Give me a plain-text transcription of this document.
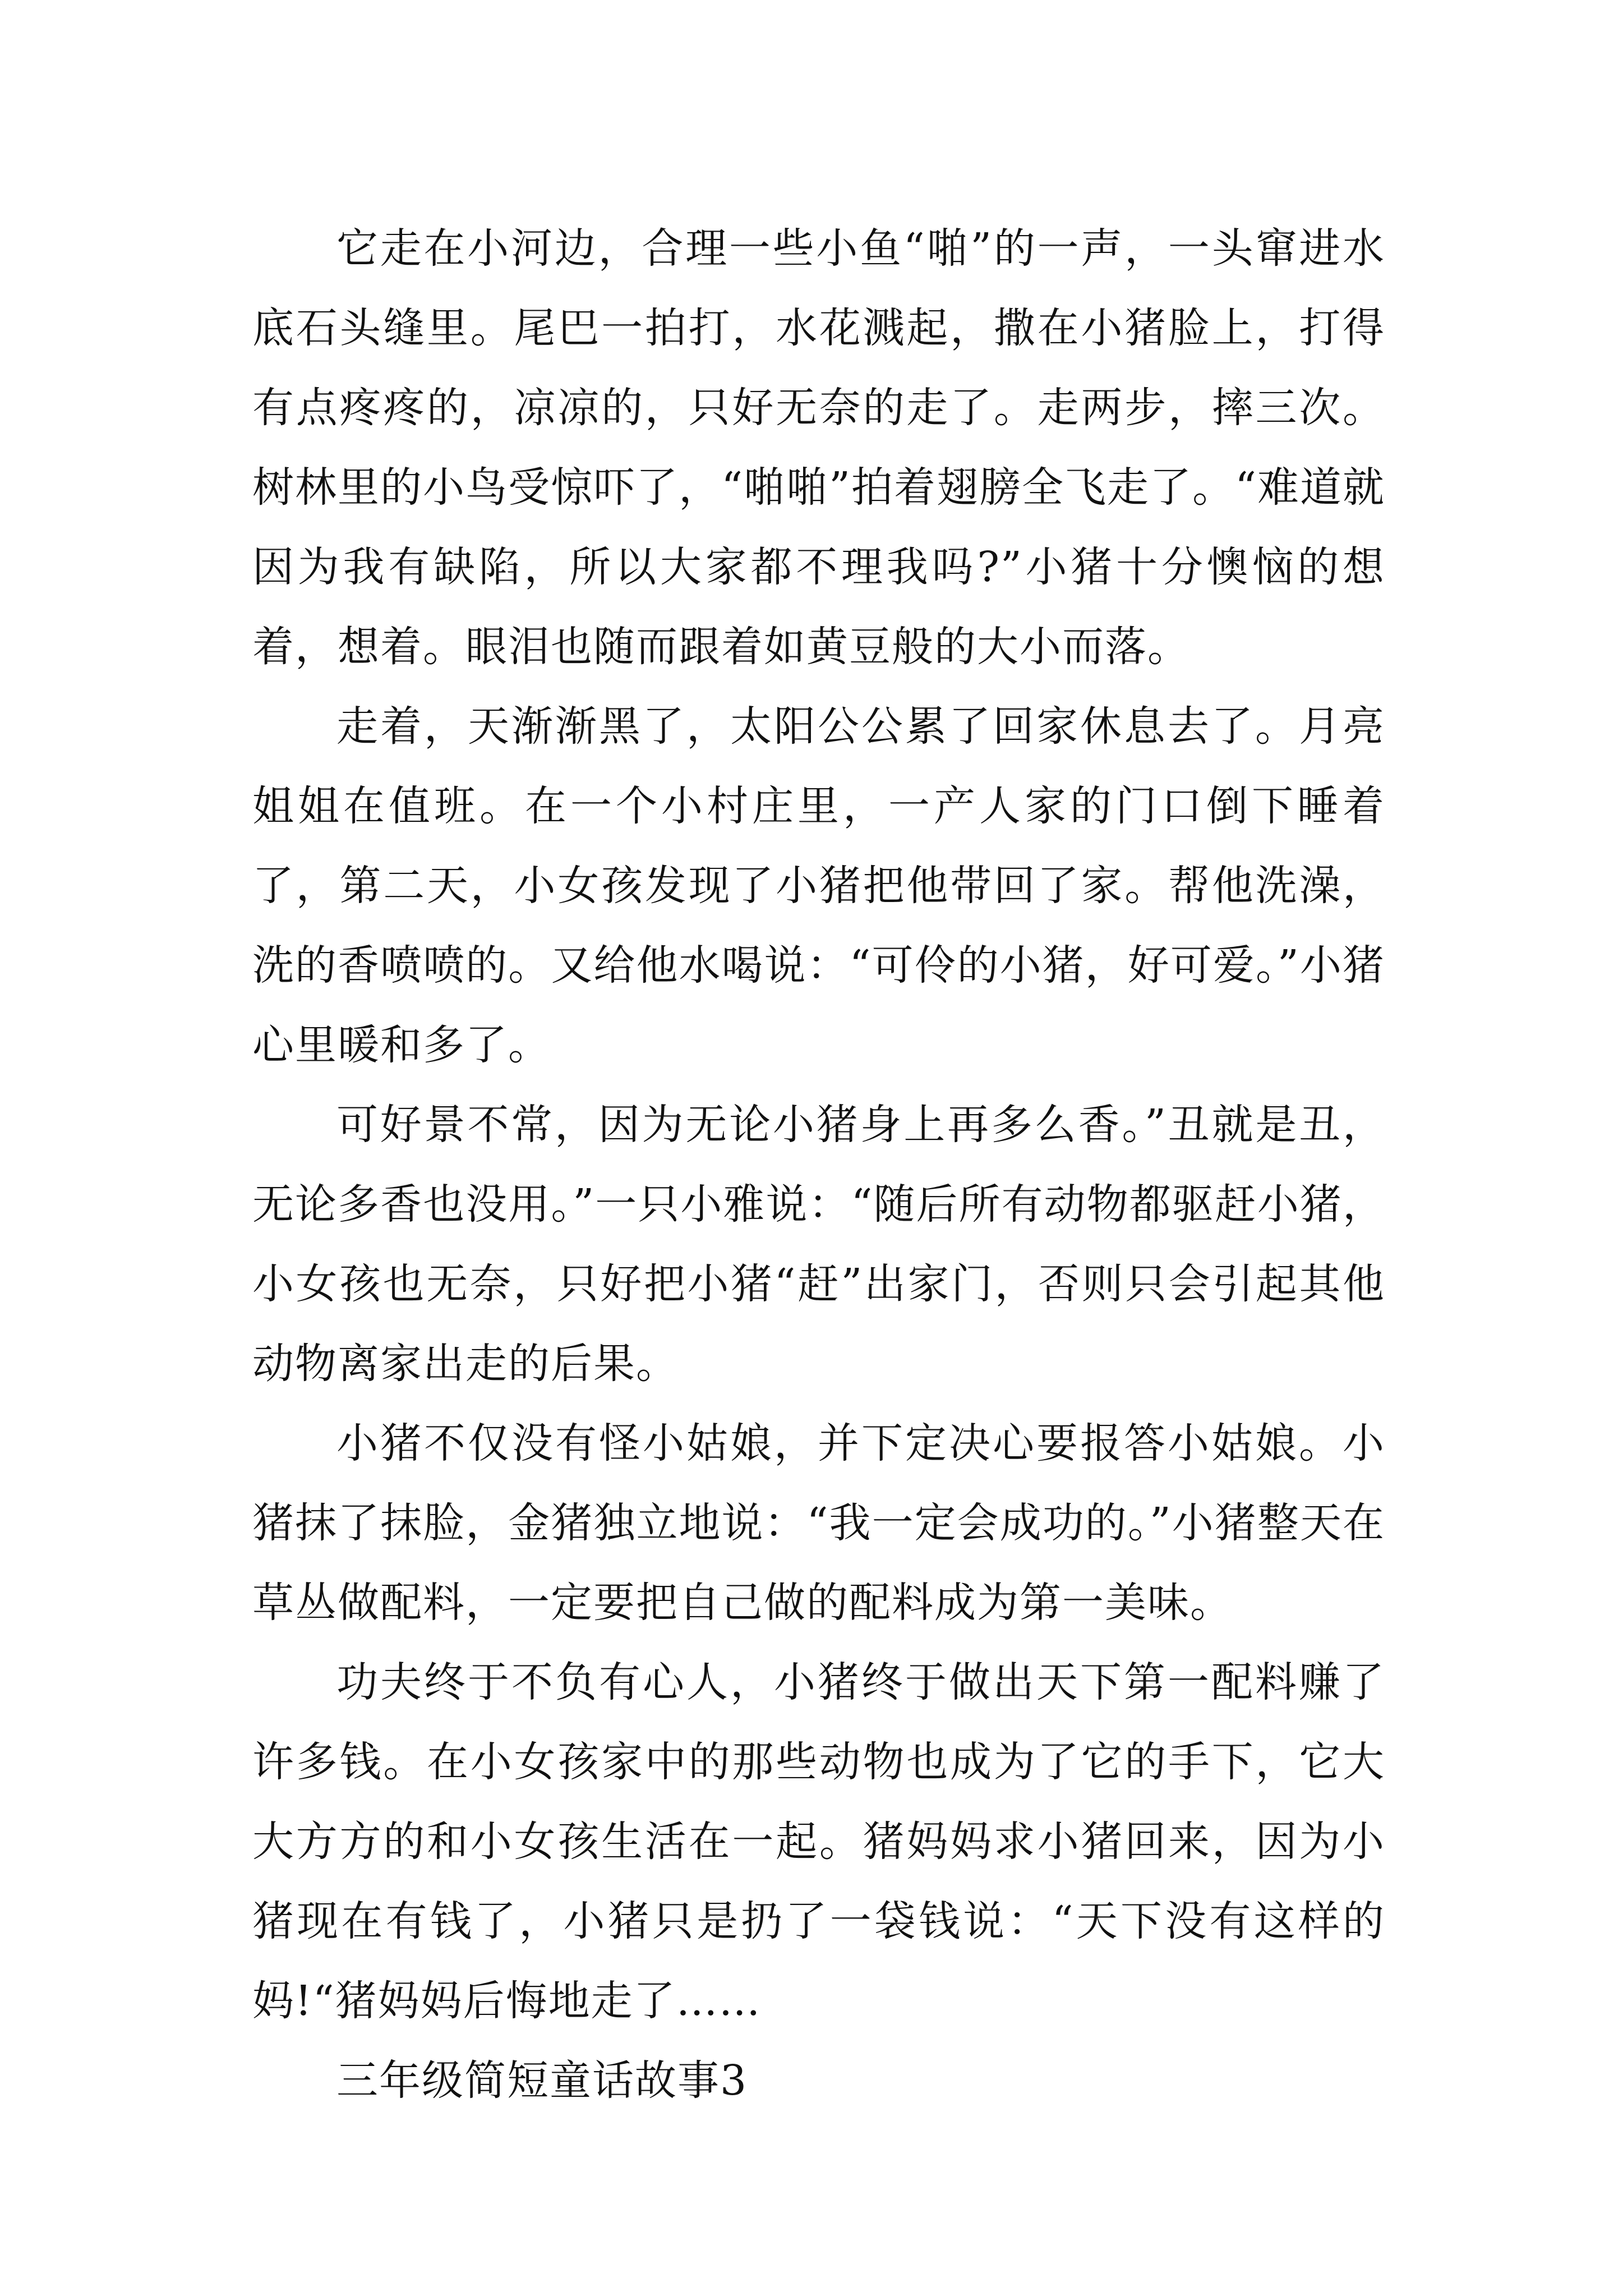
它走在小河边，合理一些小鱼“啪”的一声，一头窜进水底石头缝里。尾巴一拍打，水花溅起，撒在小猪脸上，打得有点疼疼的，凉凉的，只好无奈的走了。走两步，摔三次。树林里的小鸟受惊吓了，“啪啪”拍着翅膀全飞走了。“难道就因为我有缺陷，所以大家都不理我吗?”小猪十分懊恼的想着，想着。眼泪也随而跟着如黄豆般的大小而落。

走着，天渐渐黑了，太阳公公累了回家休息去了。月亮姐姐在值班。在一个小村庄里，一产人家的门口倒下睡着了，第二天，小女孩发现了小猪把他带回了家。帮他洗澡，洗的香喷喷的。又给他水喝说：“可伶的小猪，好可爱。”小猪心里暖和多了。

可好景不常，因为无论小猪身上再多么香。”丑就是丑，无论多香也没用。”一只小雅说：“随后所有动物都驱赶小猪，小女孩也无奈，只好把小猪“赶”出家门，否则只会引起其他动物离家出走的后果。

小猪不仅没有怪小姑娘，并下定决心要报答小姑娘。小猪抹了抹脸，金猪独立地说：“我一定会成功的。”小猪整天在草丛做配料，一定要把自己做的配料成为第一美味。

功夫终于不负有心人，小猪终于做出天下第一配料赚了许多钱。在小女孩家中的那些动物也成为了它的手下，它大大方方的和小女孩生活在一起。猪妈妈求小猪回来，因为小猪现在有钱了，小猪只是扔了一袋钱说：“天下没有这样的妈!“猪妈妈后悔地走了……

三年级简短童话故事3
